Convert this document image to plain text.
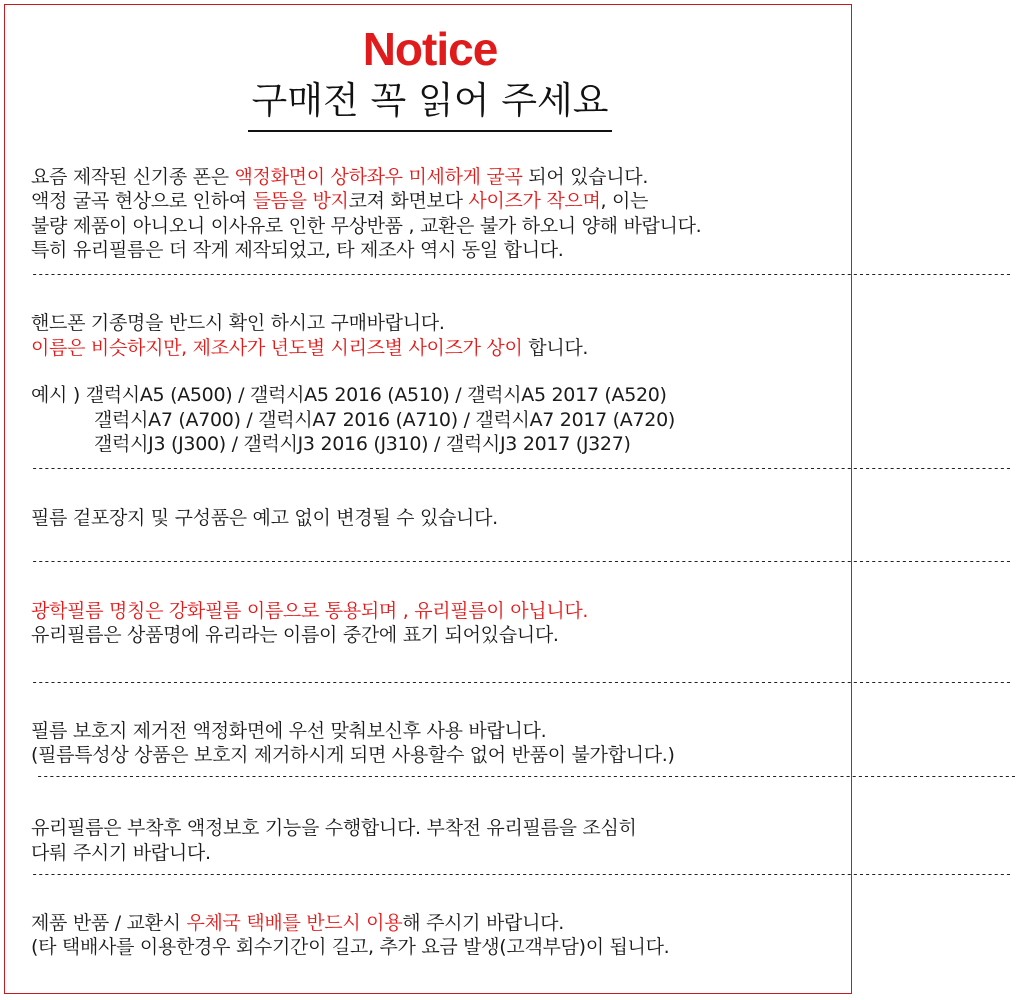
Notice
구매전 꼭 읽어 주세요
요즘 제작된 신기종 폰은 액정화면이 상하좌우 미세하게 굴곡 되어 있습니다.
액정 굴곡 현상으로 인하여 들뜸을 방지코져 화면보다 사이즈가 작으며, 이는
불량 제품이 아니오니 이사유로 인한 무상반품 , 교환은 불가 하오니 양해 바랍니다.
특히 유리필름은 더 작게 제작되었고, 타 제조사 역시 동일 합니다.
----------------------------------------------------------------------------------------------------------------------------------------------------------------
핸드폰 기종명을 반드시 확인 하시고 구매바랍니다.
이름은 비슷하지만, 제조사가 년도별 시리즈별 사이즈가 상이 합니다.
예시 ) 갤럭시A5 (A500) / 갤럭시A5 2016 (A510) / 갤럭시A5 2017 (A520)
갤럭시A7 (A700) / 갤럭시A7 2016 (A710) / 갤럭시A7 2017 (A720)
갤럭시J3 (J300) / 갤럭시J3 2016 (J310) / 갤럭시J3 2017 (J327)
----------------------------------------------------------------------------------------------------------------------------------------------------------------
필름 겉포장지 및 구성품은 예고 없이 변경될 수 있습니다.
----------------------------------------------------------------------------------------------------------------------------------------------------------------
광학필름 명칭은 강화필름 이름으로 통용되며 , 유리필름이 아닙니다.
유리필름은 상품명에 유리라는 이름이 중간에 표기 되어있습니다.
----------------------------------------------------------------------------------------------------------------------------------------------------------------
필름 보호지 제거전 액정화면에 우선 맞춰보신후 사용 바랍니다.
(필름특성상 상품은 보호지 제거하시게 되면 사용할수 없어 반품이 불가합니다.)
----------------------------------------------------------------------------------------------------------------------------------------------------------------
유리필름은 부착후 액정보호 기능을 수행합니다. 부착전 유리필름을 조심히
다뤄 주시기 바랍니다.
----------------------------------------------------------------------------------------------------------------------------------------------------------------
제품 반품 / 교환시 우체국 택배를 반드시 이용해 주시기 바랍니다.
(타 택배사를 이용한경우 회수기간이 길고, 추가 요금 발생(고객부담)이 됩니다.
